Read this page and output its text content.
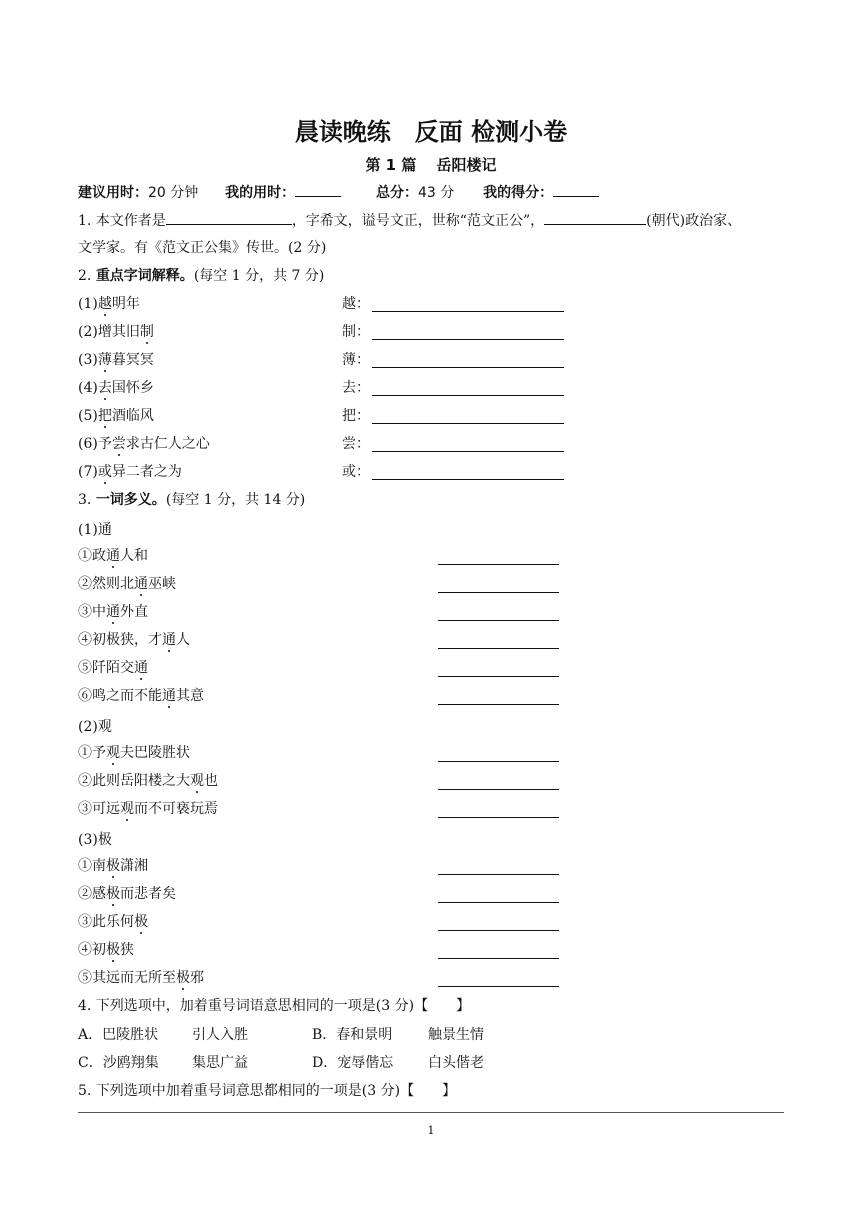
晨读晚练　反面 检测小卷
第 1 篇　 岳阳楼记
建议用时：20 分钟 我的用时：	总分：43 分 我的得分：
1. 本文作者是	，字希文，谥号文正，世称“范文正公”，	(朝代)政治家、
文学家。有《范文正公集》传世。(2 分)
2. 重点字词解释。(每空 1 分，共 7 分)
(1)越明年	越：
(2)增其旧制	制：
(3)薄暮冥冥	薄：
(4)去国怀乡	去：
(5)把酒临风	把：
(6)予尝求古仁人之心	尝：
(7)或异二者之为	或：
3. 一词多义。(每空 1 分，共 14 分)
(1)通
①政通人和
②然则北通巫峡
③中通外直
④初极狭，才通人
⑤阡陌交通
⑥鸣之而不能通其意
(2)观
①予观夫巴陵胜状
②此则岳阳楼之大观也
③可远观而不可亵玩焉
(3)极
①南极潇湘
②感极而悲者矣
③此乐何极
④初极狭
⑤其远而无所至极邪
4. 下列选项中，加着重号词语意思相同的一项是(3 分)【　　】
A．巴陵胜状 引人入胜	B．春和景明	触景生情
C．沙鸥翔集 集思广益	D．宠辱偕忘 白头偕老
5. 下列选项中加着重号词意思都相同的一项是(3 分)【　　】
1
